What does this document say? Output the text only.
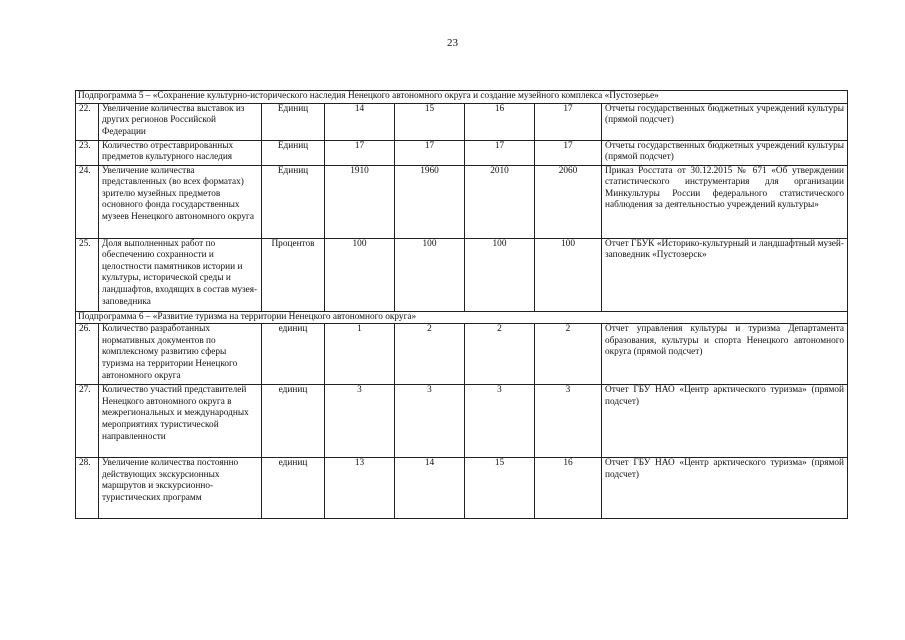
23
Подпрограмма 5 – «Сохранение культурно-исторического наследия Ненецкого автономного округа и создание музейного комплекса «Пустозерье»							
22.	Увеличение количества выставок из других регионов Российской Федерации	Единиц	14	15	16	17	Отчеты государственных бюджетных учреждений культуры (прямой подсчет)
23.	Количество отреставрированных предметов культурного наследия	Единиц	17	17	17	17	Отчеты государственных бюджетных учреждений культуры (прямой подсчет)
24.	Увеличение количества представленных (во всех форматах) зрителю музейных предметов основного фонда государственных музеев Ненецкого автономного округа	Единиц	1910	1960	2010	2060	Приказ Росстата от 30.12.2015 № 671 «Об утверждении статистического инструментария для организации Минкультуры России федерального статистического наблюдения за деятельностью учреждений культуры»
25.	Доля выполненных работ по обеспечению сохранности и целостности памятников истории и культуры, исторической среды и ландшафтов, входящих в состав музея-заповедника	Процентов	100	100	100	100	Отчет ГБУК «Историко-культурный и ландшафтный музей-заповедник «Пустозерск»
Подпрограмма 6 – «Развитие туризма на территории Ненецкого автономного округа»							
26.	Количество разработанных нормативных документов по комплексному развитию сферы туризма на территории Ненецкого автономного округа	единиц	1	2	2	2	Отчет управления культуры и туризма Департамента образования, культуры и спорта Ненецкого автономного округа (прямой подсчет)
27.	Количество участий представителей Ненецкого автономного округа в межрегиональных и международных мероприятиях туристической направленности	единиц	3	3	3	3	Отчет ГБУ НАО «Центр арктического туризма» (прямой подсчет)
28.	Увеличение количества постоянно действующих экскурсионных маршрутов и экскурсионно-туристических программ	единиц	13	14	15	16	Отчет ГБУ НАО «Центр арктического туризма» (прямой подсчет)
